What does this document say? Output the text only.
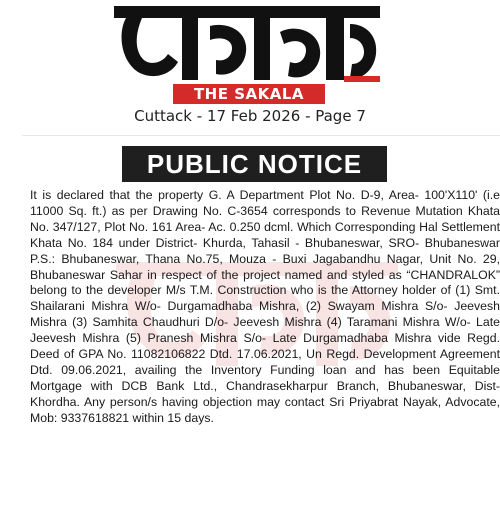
THE SAKALA
Cuttack - 17 Feb 2026 - Page 7
PUBLIC NOTICE

It is declared that the property G. A Department Plot No. D-9, Area- 100'X110' (i.e 11000 Sq. ft.) as per Drawing No. C-3654 corresponds to Revenue Mutation Khata No. 347/127, Plot No. 161 Area- Ac. 0.250 dcml. Which Corresponding Hal Settlement Khata No. 184 under District- Khurda, Tahasil - Bhubaneswar, SRO- Bhubaneswar P.S.: Bhubaneswar, Thana No.75, Mouza - Buxi Jagabandhu Nagar, Unit No. 29, Bhubaneswar Sahar in respect of the project named and styled as “CHANDRALOK” belong to the developer M/s T.M. Construction who is the Attorney holder of (1) Smt. Shailarani Mishra W/o- Durgamadhaba Mishra, (2) Swayam Mishra S/o- Jeevesh Mishra (3) Samhita Chaudhuri D/o- Jeevesh Mishra (4) Taramani Mishra W/o- Late Jeevesh Mishra (5) Pranesh Mishra S/o- Late Durgamadhaba Mishra vide Regd. Deed of GPA No. 11082106822 Dtd. 17.06.2021, Un Regd. Development Agreement Dtd. 09.06.2021, availing the Inventory Funding loan and has been Equitable Mortgage with DCB Bank Ltd., Chandrasekharpur Branch, Bhubaneswar, Dist-Khordha. Any person/s having objection may contact Sri Priyabrat Nayak, Advocate, Mob: 9337618821 within 15 days.
